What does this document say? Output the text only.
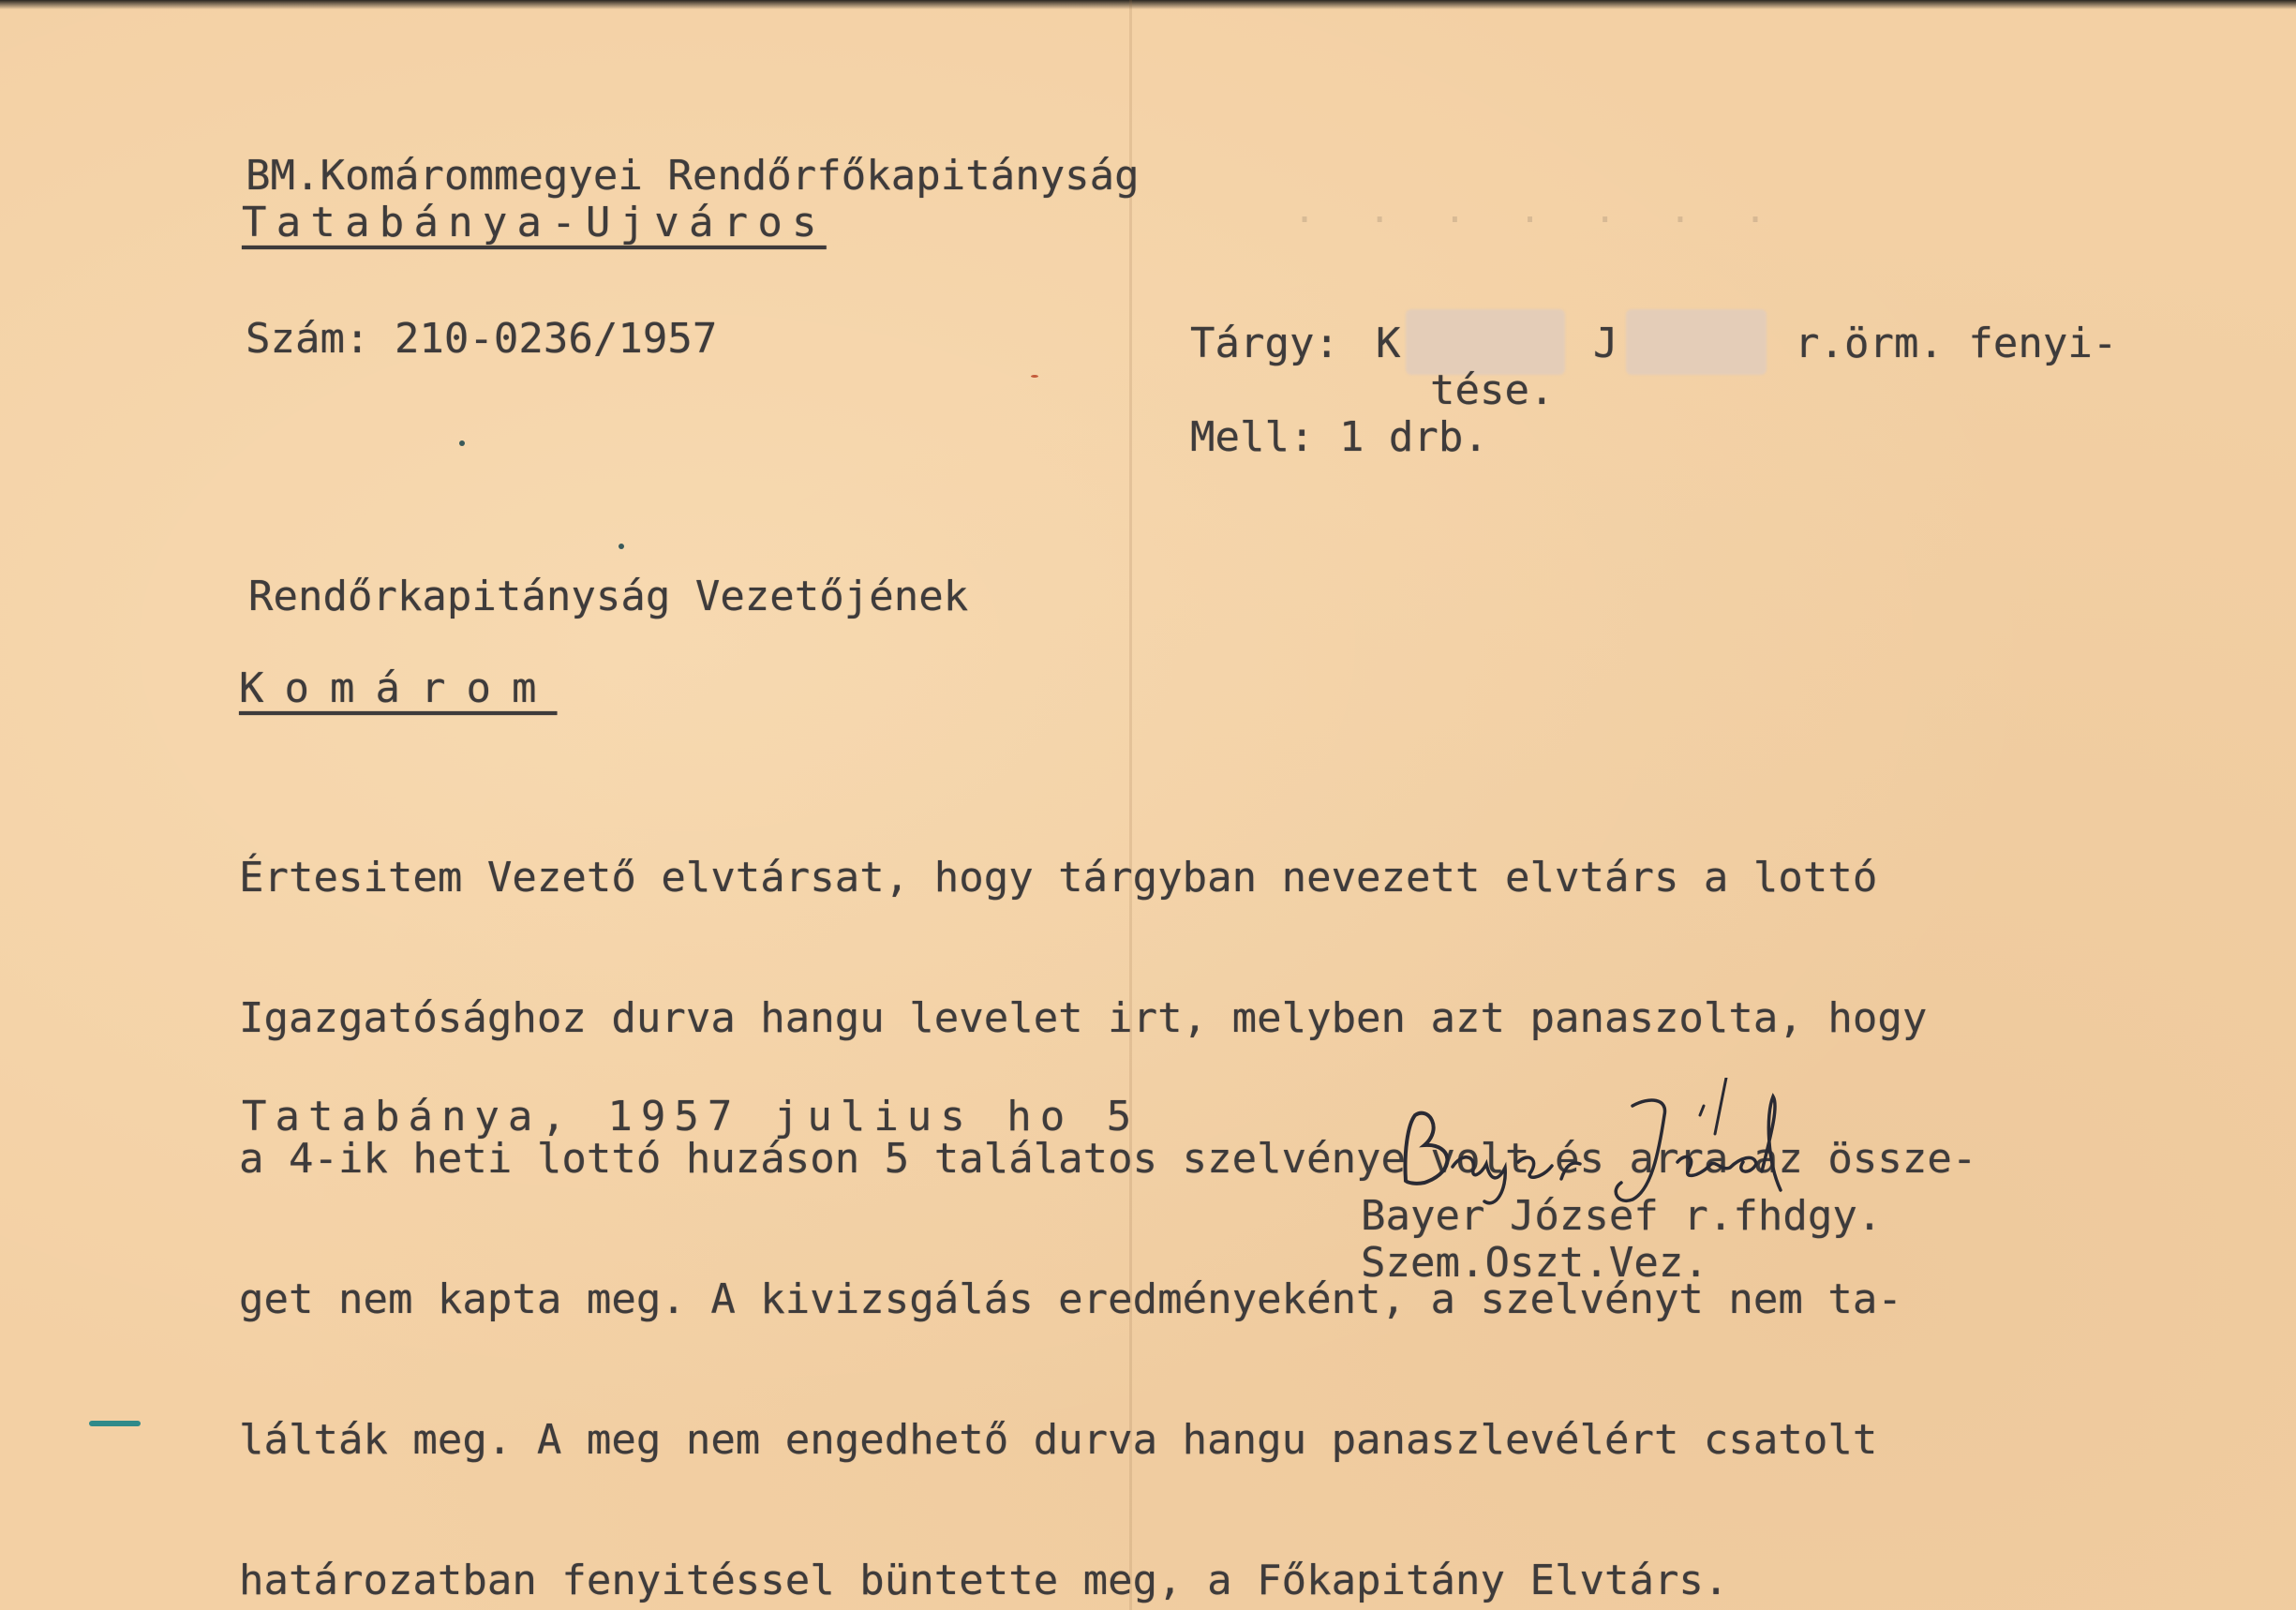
· · · · · · ·
BM.Komárommegyei Rendőrfőkapitányság
Tatabánya-Ujváros
Szám: 210-0236/1957	Tárgy: K	J	r.örm. fenyi-
tése.
Mell: 1 drb.
Rendőrkapitányság Vezetőjének
Komárom

Értesitem Vezető elvtársat, hogy tárgyban nevezett elvtárs a lottó

Igazgatósághoz durva hangu levelet irt, melyben azt panaszolta, hogy

a 4-ik heti lottó huzáson 5 találatos szelvénye volt és arra az össze-

get nem kapta meg. A kivizsgálás eredményeként, a szelvényt nem ta-

lálták meg. A meg nem engedhető durva hangu panaszlevélért csatolt

határozatban fenyitéssel büntette meg, a Főkapitány Elvtárs.

Tatabánya, 1957 julius ho 5
Bayer József r.fhdgy.
Szem.Oszt.Vez.
